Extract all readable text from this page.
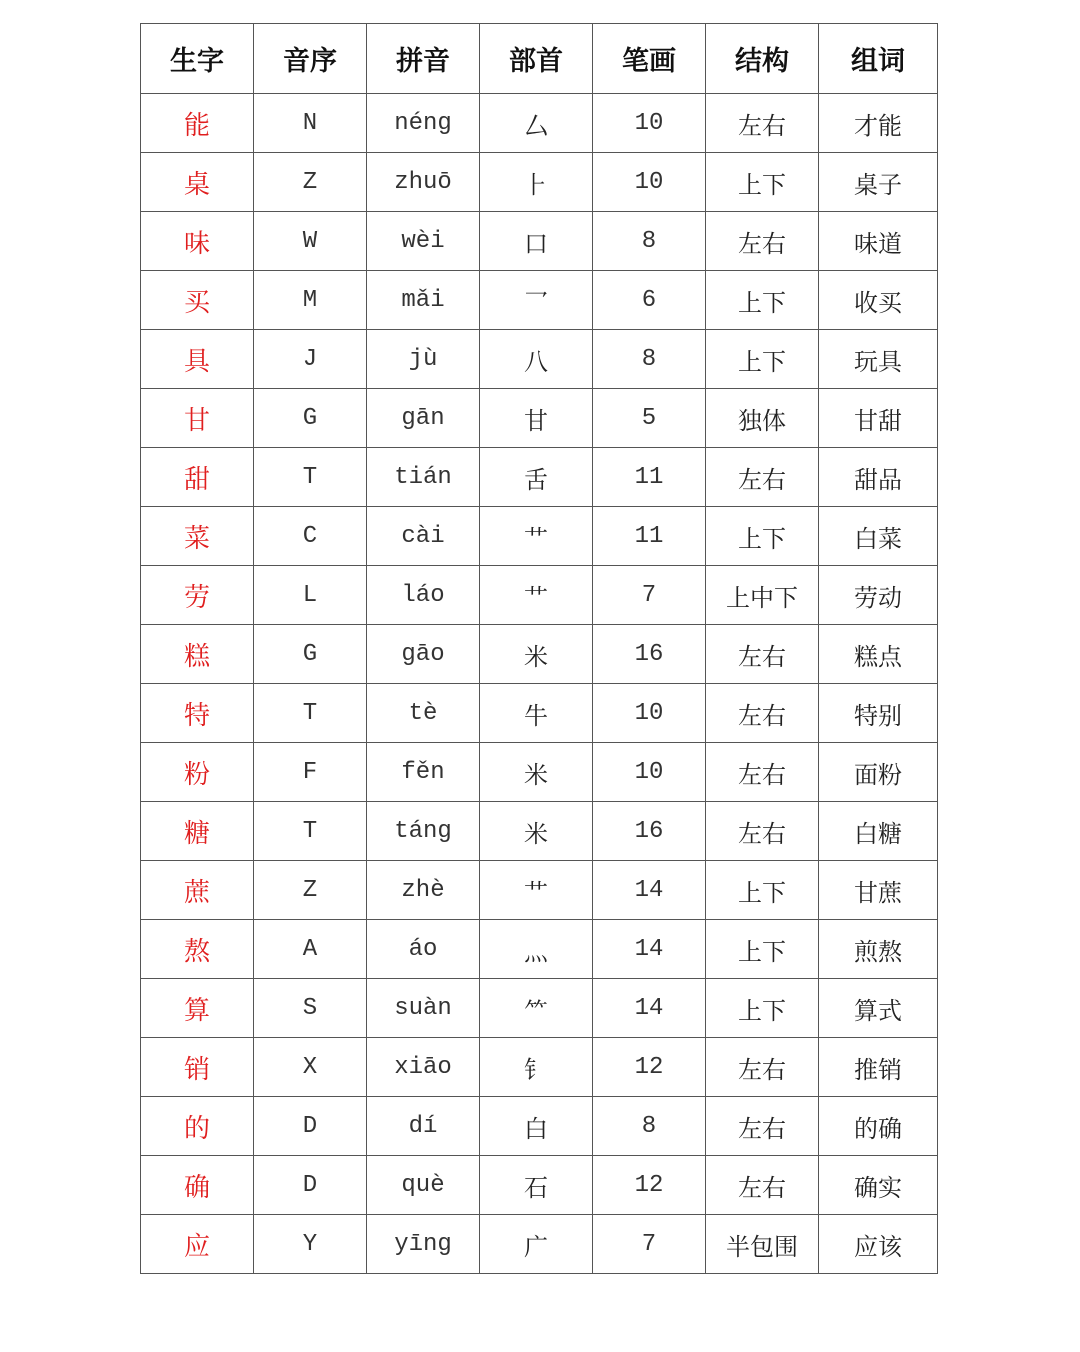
生字	音序	拼音	部首	笔画	结构	组词
能	N	néng	厶	10	左右	才能
桌	Z	zhuō	⺊	10	上下	桌子
味	W	wèi	口	8	左右	味道
买	M	mǎi	乛	6	上下	收买
具	J	jù	八	8	上下	玩具
甘	G	gān	甘	5	独体	甘甜
甜	T	tián	舌	11	左右	甜品
菜	C	cài	艹	11	上下	白菜
劳	L	láo	艹	7	上中下	劳动
糕	G	gāo	米	16	左右	糕点
特	T	tè	牛	10	左右	特别
粉	F	fěn	米	10	左右	面粉
糖	T	táng	米	16	左右	白糖
蔗	Z	zhè	艹	14	上下	甘蔗
熬	A	áo	灬	14	上下	煎熬
算	S	suàn	⺮	14	上下	算式
销	X	xiāo	钅	12	左右	推销
的	D	dí	白	8	左右	的确
确	D	què	石	12	左右	确实
应	Y	yīng	广	7	半包围	应该
